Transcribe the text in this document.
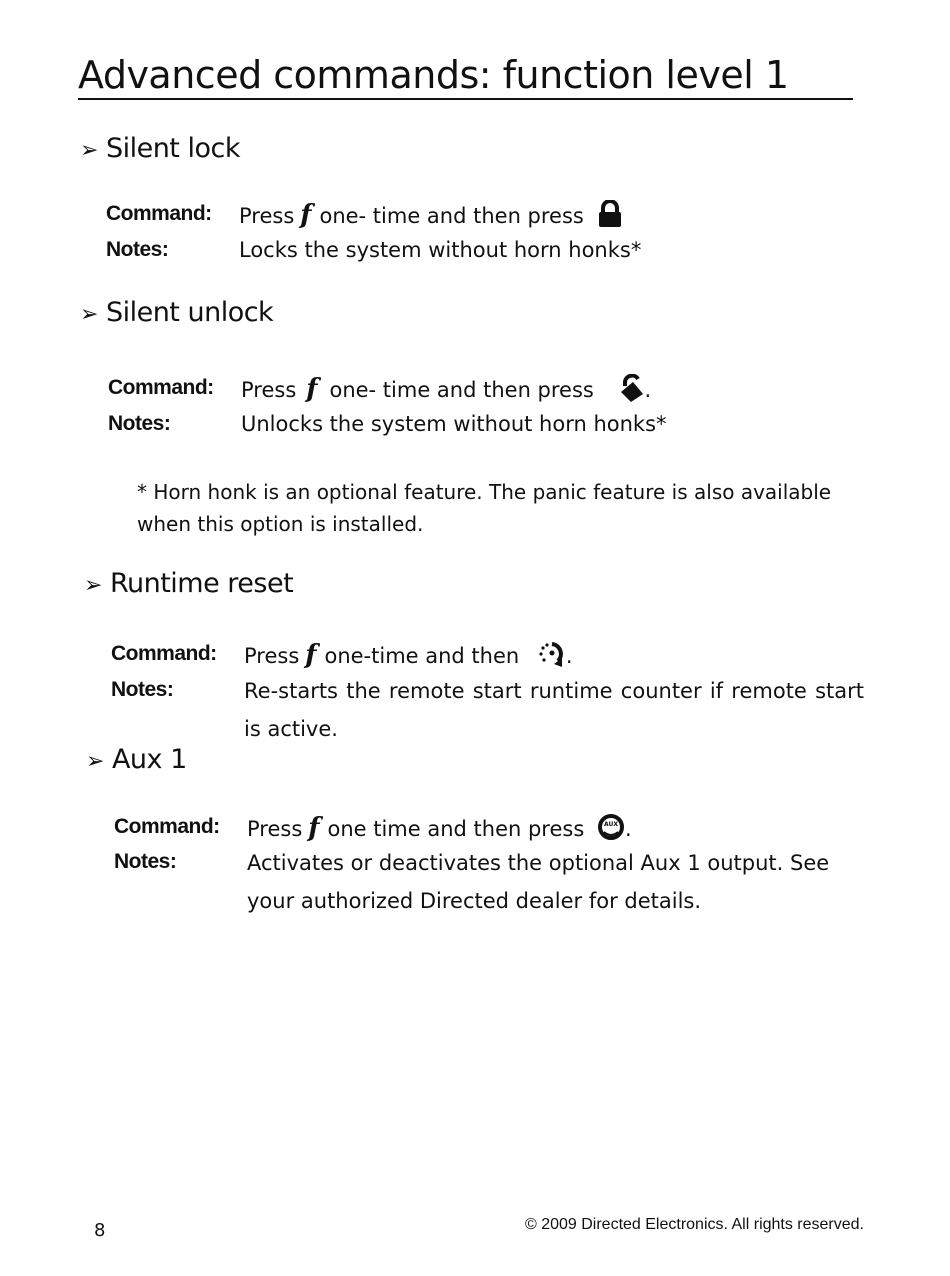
Advanced commands: function level 1
➢ Silent lock
Command: Press f one- time and then press
Notes:	Locks the system without horn honks*
➢ Silent unlock
Command: Press f one- time and then press .
Notes:	Unlocks the system without horn honks*
* Horn honk is an optional feature. The panic feature is also available when this option is installed.
➢ Runtime reset
Command: Press f one-time and then .
Notes:	Re-starts the remote start runtime counter if remote start is active.
➢ Aux 1
Command: Press f one time and then press	AUX .
Notes:	Activates or deactivates the optional Aux 1 output. See your authorized Directed dealer for details.
8	© 2009 Directed Electronics. All rights reserved.
